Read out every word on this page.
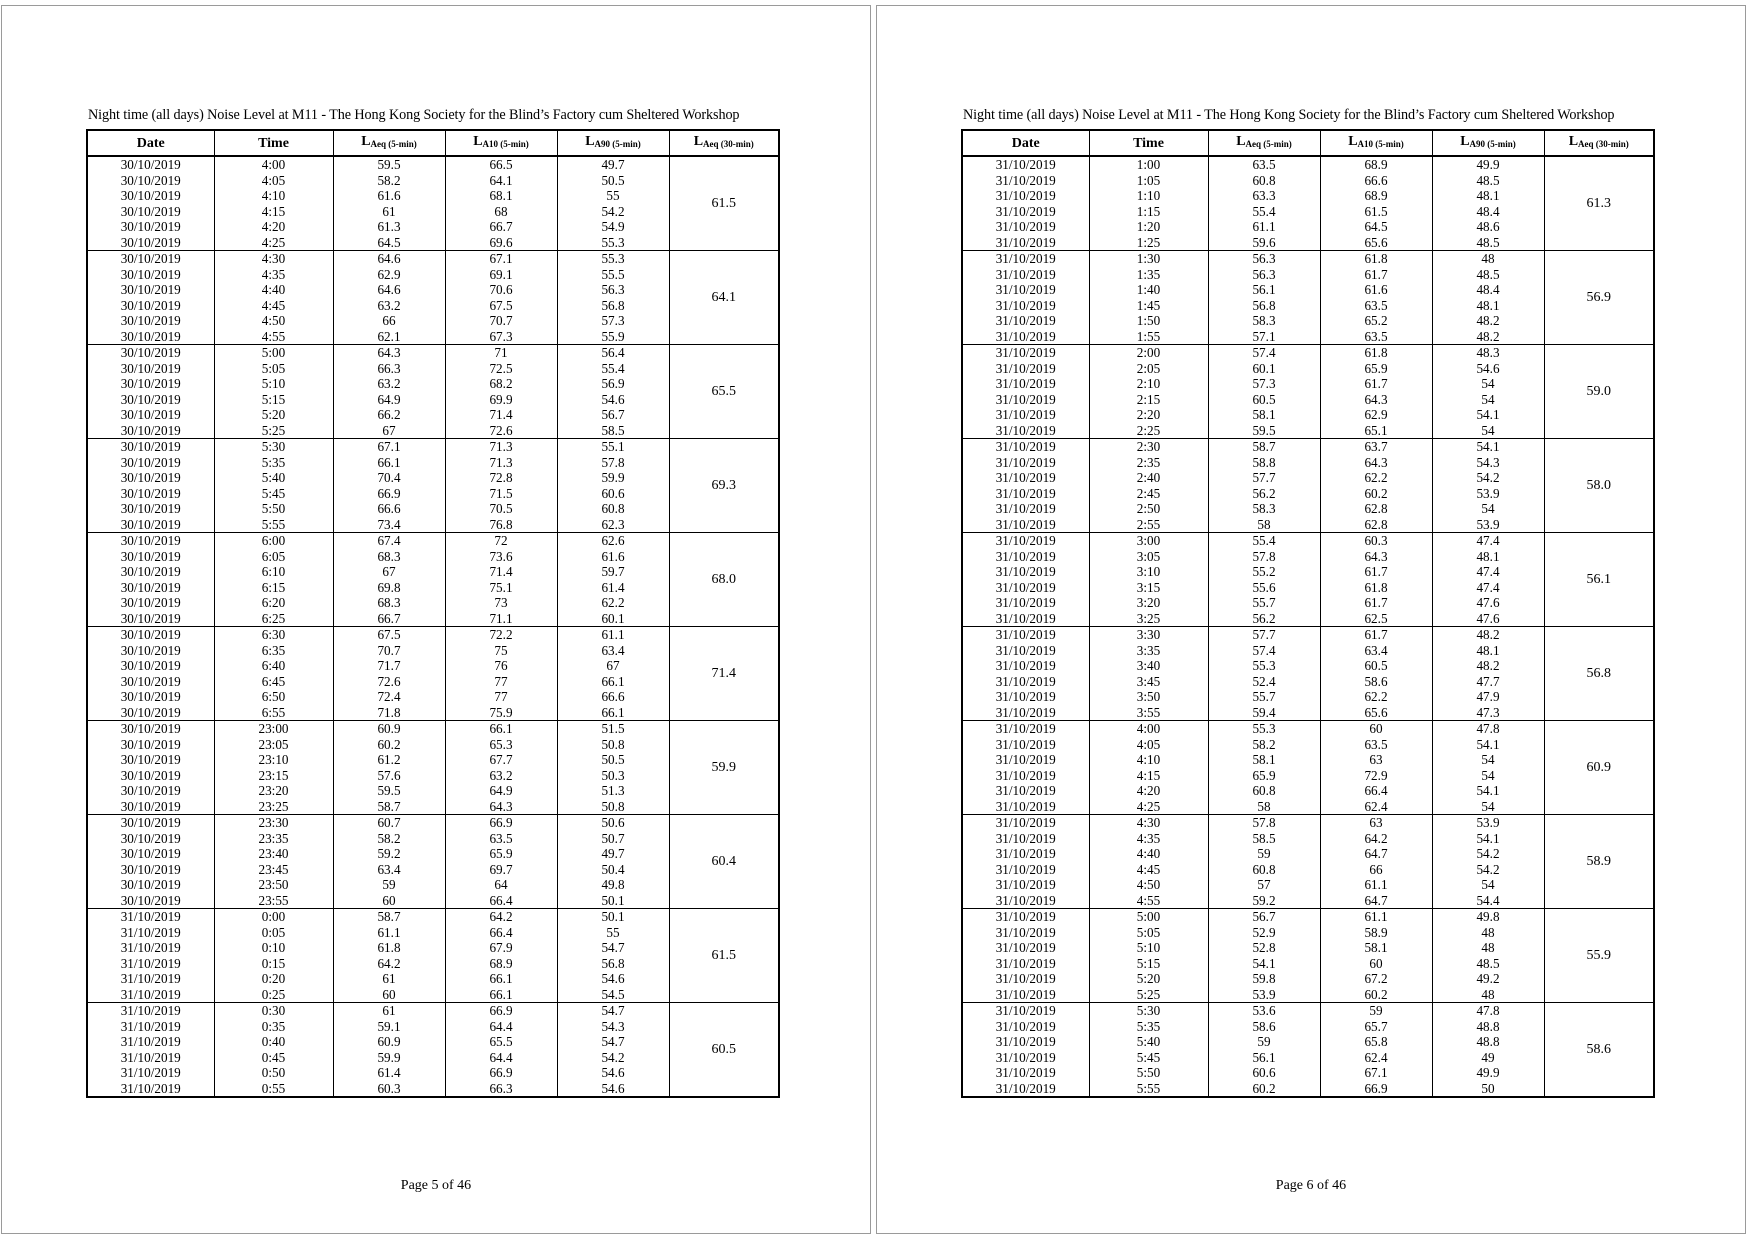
Night time (all days) Noise Level at M11 - The Hong Kong Society for the Blind’s Factory cum Sheltered Workshop
Date	Time	$L_{Aeq (5-min)}$	$L_{A10 (5-min)}$	$L_{A90 (5-min)}$	$L_{Aeq (30-min)}$
30/10/2019	4:00	59.5	66.5	49.7	61.5
30/10/2019	4:05	58.2	64.1	50.5	
30/10/2019	4:10	61.6	68.1	55	
30/10/2019	4:15	61	68	54.2	
30/10/2019	4:20	61.3	66.7	54.9	
30/10/2019	4:25	64.5	69.6	55.3	
30/10/2019	4:30	64.6	67.1	55.3	64.1
30/10/2019	4:35	62.9	69.1	55.5	
30/10/2019	4:40	64.6	70.6	56.3	
30/10/2019	4:45	63.2	67.5	56.8	
30/10/2019	4:50	66	70.7	57.3	
30/10/2019	4:55	62.1	67.3	55.9	
30/10/2019	5:00	64.3	71	56.4	65.5
30/10/2019	5:05	66.3	72.5	55.4	
30/10/2019	5:10	63.2	68.2	56.9	
30/10/2019	5:15	64.9	69.9	54.6	
30/10/2019	5:20	66.2	71.4	56.7	
30/10/2019	5:25	67	72.6	58.5	
30/10/2019	5:30	67.1	71.3	55.1	69.3
30/10/2019	5:35	66.1	71.3	57.8	
30/10/2019	5:40	70.4	72.8	59.9	
30/10/2019	5:45	66.9	71.5	60.6	
30/10/2019	5:50	66.6	70.5	60.8	
30/10/2019	5:55	73.4	76.8	62.3	
30/10/2019	6:00	67.4	72	62.6	68.0
30/10/2019	6:05	68.3	73.6	61.6	
30/10/2019	6:10	67	71.4	59.7	
30/10/2019	6:15	69.8	75.1	61.4	
30/10/2019	6:20	68.3	73	62.2	
30/10/2019	6:25	66.7	71.1	60.1	
30/10/2019	6:30	67.5	72.2	61.1	71.4
30/10/2019	6:35	70.7	75	63.4	
30/10/2019	6:40	71.7	76	67	
30/10/2019	6:45	72.6	77	66.1	
30/10/2019	6:50	72.4	77	66.6	
30/10/2019	6:55	71.8	75.9	66.1	
30/10/2019	23:00	60.9	66.1	51.5	59.9
30/10/2019	23:05	60.2	65.3	50.8	
30/10/2019	23:10	61.2	67.7	50.5	
30/10/2019	23:15	57.6	63.2	50.3	
30/10/2019	23:20	59.5	64.9	51.3	
30/10/2019	23:25	58.7	64.3	50.8	
30/10/2019	23:30	60.7	66.9	50.6	60.4
30/10/2019	23:35	58.2	63.5	50.7	
30/10/2019	23:40	59.2	65.9	49.7	
30/10/2019	23:45	63.4	69.7	50.4	
30/10/2019	23:50	59	64	49.8	
30/10/2019	23:55	60	66.4	50.1	
31/10/2019	0:00	58.7	64.2	50.1	61.5
31/10/2019	0:05	61.1	66.4	55	
31/10/2019	0:10	61.8	67.9	54.7	
31/10/2019	0:15	64.2	68.9	56.8	
31/10/2019	0:20	61	66.1	54.6	
31/10/2019	0:25	60	66.1	54.5	
31/10/2019	0:30	61	66.9	54.7	60.5
31/10/2019	0:35	59.1	64.4	54.3	
31/10/2019	0:40	60.9	65.5	54.7	
31/10/2019	0:45	59.9	64.4	54.2	
31/10/2019	0:50	61.4	66.9	54.6	
31/10/2019	0:55	60.3	66.3	54.6	
Page 5 of 46
Night time (all days) Noise Level at M11 - The Hong Kong Society for the Blind’s Factory cum Sheltered Workshop
Date	Time	$L_{Aeq (5-min)}$	$L_{A10 (5-min)}$	$L_{A90 (5-min)}$	$L_{Aeq (30-min)}$
31/10/2019	1:00	63.5	68.9	49.9	61.3
31/10/2019	1:05	60.8	66.6	48.5	
31/10/2019	1:10	63.3	68.9	48.1	
31/10/2019	1:15	55.4	61.5	48.4	
31/10/2019	1:20	61.1	64.5	48.6	
31/10/2019	1:25	59.6	65.6	48.5	
31/10/2019	1:30	56.3	61.8	48	56.9
31/10/2019	1:35	56.3	61.7	48.5	
31/10/2019	1:40	56.1	61.6	48.4	
31/10/2019	1:45	56.8	63.5	48.1	
31/10/2019	1:50	58.3	65.2	48.2	
31/10/2019	1:55	57.1	63.5	48.2	
31/10/2019	2:00	57.4	61.8	48.3	59.0
31/10/2019	2:05	60.1	65.9	54.6	
31/10/2019	2:10	57.3	61.7	54	
31/10/2019	2:15	60.5	64.3	54	
31/10/2019	2:20	58.1	62.9	54.1	
31/10/2019	2:25	59.5	65.1	54	
31/10/2019	2:30	58.7	63.7	54.1	58.0
31/10/2019	2:35	58.8	64.3	54.3	
31/10/2019	2:40	57.7	62.2	54.2	
31/10/2019	2:45	56.2	60.2	53.9	
31/10/2019	2:50	58.3	62.8	54	
31/10/2019	2:55	58	62.8	53.9	
31/10/2019	3:00	55.4	60.3	47.4	56.1
31/10/2019	3:05	57.8	64.3	48.1	
31/10/2019	3:10	55.2	61.7	47.4	
31/10/2019	3:15	55.6	61.8	47.4	
31/10/2019	3:20	55.7	61.7	47.6	
31/10/2019	3:25	56.2	62.5	47.6	
31/10/2019	3:30	57.7	61.7	48.2	56.8
31/10/2019	3:35	57.4	63.4	48.1	
31/10/2019	3:40	55.3	60.5	48.2	
31/10/2019	3:45	52.4	58.6	47.7	
31/10/2019	3:50	55.7	62.2	47.9	
31/10/2019	3:55	59.4	65.6	47.3	
31/10/2019	4:00	55.3	60	47.8	60.9
31/10/2019	4:05	58.2	63.5	54.1	
31/10/2019	4:10	58.1	63	54	
31/10/2019	4:15	65.9	72.9	54	
31/10/2019	4:20	60.8	66.4	54.1	
31/10/2019	4:25	58	62.4	54	
31/10/2019	4:30	57.8	63	53.9	58.9
31/10/2019	4:35	58.5	64.2	54.1	
31/10/2019	4:40	59	64.7	54.2	
31/10/2019	4:45	60.8	66	54.2	
31/10/2019	4:50	57	61.1	54	
31/10/2019	4:55	59.2	64.7	54.4	
31/10/2019	5:00	56.7	61.1	49.8	55.9
31/10/2019	5:05	52.9	58.9	48	
31/10/2019	5:10	52.8	58.1	48	
31/10/2019	5:15	54.1	60	48.5	
31/10/2019	5:20	59.8	67.2	49.2	
31/10/2019	5:25	53.9	60.2	48	
31/10/2019	5:30	53.6	59	47.8	58.6
31/10/2019	5:35	58.6	65.7	48.8	
31/10/2019	5:40	59	65.8	48.8	
31/10/2019	5:45	56.1	62.4	49	
31/10/2019	5:50	60.6	67.1	49.9	
31/10/2019	5:55	60.2	66.9	50	
Page 6 of 46
